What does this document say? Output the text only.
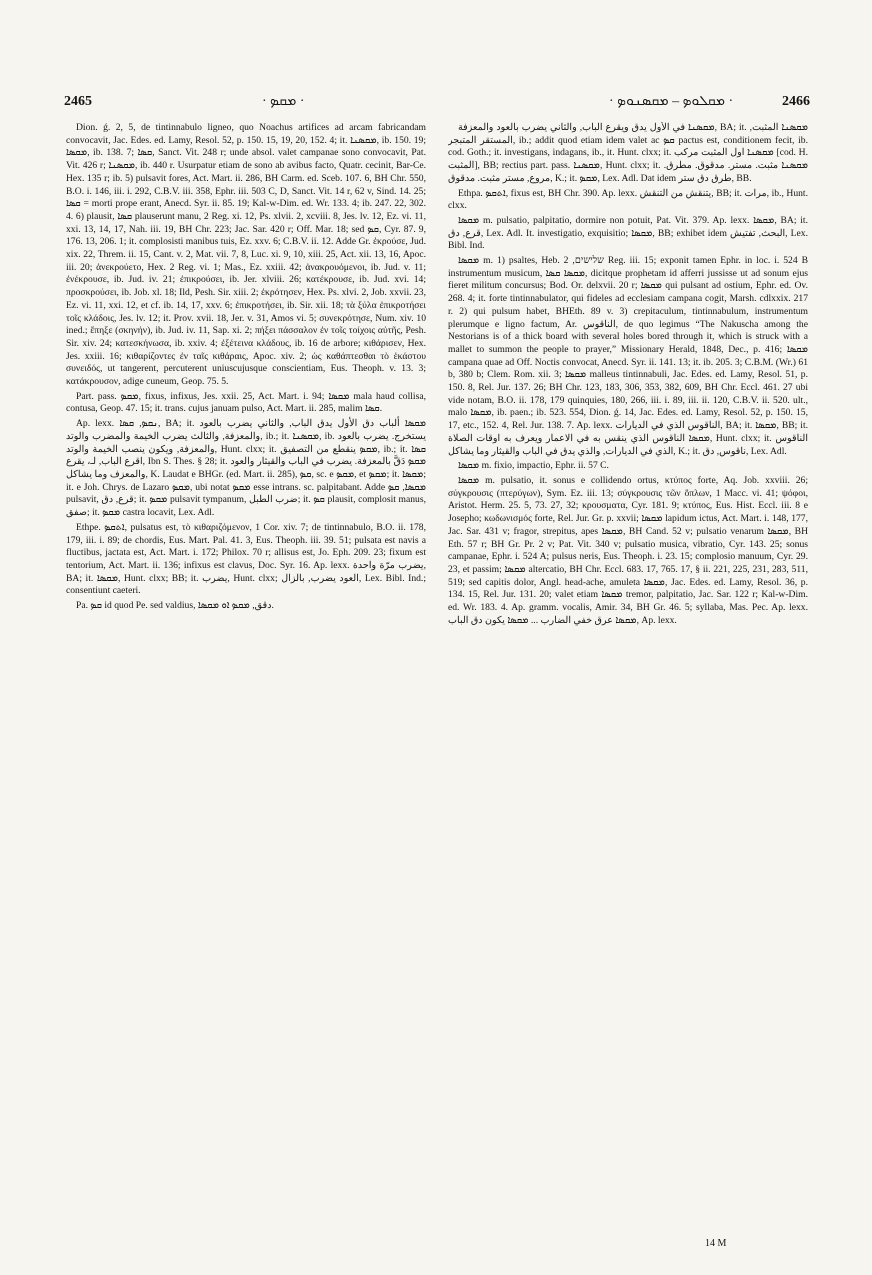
2465	· ܡܩܤ ·	· ܡܩܠܘܤ – ܡܩܤܢܘܤ ·	2466

Dion. ǵ. 2, 5, de tintinnabulo ligneo, quo Noachus artifices ad arcam fabricandam convocavit, Jac. Edes. ed. Lamy, Resol. 52, p. 150. 15, 19, 20, 152. 4; it. ܡܩܤܢܐ, ib. 150. 19; ܡܩܤܐ, ib. 138. 7; ܩܤܐ, Sanct. Vit. 248 r; unde absol. valet campanae sono convocavit, Pat. Vit. 426 r; ܡܩܤܢܐ, ib. 440 r. Usurpatur etiam de sono ab avibus facto, Quatr. cecinit, Bar-Ce. Hex. 135 r; ib. 5) pulsavit fores, Act. Mart. ii. 286, BH Carm. ed. Sceb. 107. 6, BH Chr. 550, B.O. i. 146, iii. i. 292, C.B.V. iii. 358, Ephr. iii. 503 C, D, Sanct. Vit. 14 r, 62 v, Sind. 14. 25; ܩܤܐ = morti prope erant, Anecd. Syr. ii. 85. 19; Kal-w-Dim. ed. Wr. 133. 4; ib. 247. 22, 302. 4. 6) plausit, ܩܤܐ plauserunt manu, 2 Reg. xi. 12, Ps. xlvii. 2, xcviii. 8, Jes. lv. 12, Ez. vi. 11, xxi. 13, 14, 17, Nah. iii. 19, BH Chr. 223; Jac. Sar. 420 r; Off. Mar. 18; sed ܩܤ, Cyr. 87. 9, 176. 13, 206. 1; it. complosisti manibus tuis, Ez. xxv. 6; C.B.V. ii. 12. Adde Gr. ἐκρούσε, Jud. xix. 22, Threm. ii. 15, Cant. v. 2, Mat. vii. 7, 8, Luc. xi. 9, 10, xiii. 25, Act. xii. 13, 16, Apoc. iii. 20; ἀνεκρούετο, Hex. 2 Reg. vi. 1; Mas., Ez. xxiii. 42; ἀνακρουόμενοι, ib. Jud. v. 11; ἐνέκρουσε, ib. Jud. iv. 21; ἐπικρούσει, ib. Jer. xlviii. 26; κατέκρουσε, ib. Jud. xvi. 14; προσκρούσει, ib. Job. xl. 18; Ild, Pesh. Sir. xiii. 2; ἐκρότησεν, Hex. Ps. xlvi. 2, Job. xxvii. 23, Ez. vi. 11, xxi. 12, et cf. ib. 14, 17, xxv. 6; ἐπικροτήσει, ib. Sir. xii. 18; τὰ ξύλα ἐπικροτήσει τοῖς κλάδοις, Jes. lv. 12; it. Prov. xvii. 18, Jer. v. 31, Amos vi. 5; συνεκρότησε, Num. xiv. 10 ined.; ἔπηξε (σκηνήν), ib. Jud. iv. 11, Sap. xi. 2; πήξει πάσσαλον ἐν τοῖς τοίχοις αὐτῆς, Pesh. Sir. xiv. 24; κατεσκήνωσα, ib. xxiv. 4; ἐξέτεινα κλάδους, ib. 16 de arbore; κιθάρισεν, Hex. Jes. xxiii. 16; κιθαρίζοντες ἐν ταῖς κιθάραις, Apoc. xiv. 2; ὡς καθάπτεσθαι τὸ ἑκάστου συνειδός, ut tangerent, percuterent uniuscujusque conscientiam, Eus. Theoph. v. 13. 3; κατάκρουσον, adige cuneum, Geop. 75. 5.

Part. pass. ܡܩܤ, fixus, infixus, Jes. xxii. 25, Act. Mart. i. 94; ܡܩܤܐ mala haud collisa, contusa, Geop. 47. 15; it. trans. cujus januam pulso, Act. Mart. ii. 285, malim ܩܤܐ.

Ap. lexx. ܢܩܤ, ܩܤܐ, BA; it. ܡܩܤܐ ألباب دق الأول يدق الباب, والثاني يضرب بالعود والمعزفة, والثالث يضرب الخيمة والمضرب والوتد, ib.; it. ܡܩܤܢܐ, ib. يستخرج. يضرب بالعود والمعزفة, ويكون ينصب الخيمة والوتد, Hunt. clxx; it. ܡܩܤ ينقطع من التصفيق, ib.; it. ܩܤܐ اقرع الباب, لـ، يقرع, Ibn S. Thes. § 28; it. ܡܩܤ دَقَّ بالمعزفة. يضرب في الباب والقيثار والعود والمعزف وما يشاكل, K. Laudat e BHGr. (ed. Mart. ii. 285), ܩܤ, sc. e ܡܩܤ, et ܡܩܤ; it. ܡܩܤܐ; it. e Joh. Chrys. de Lazaro ܡܩܤ, ubi notat ܡܩܤ esse intrans. sc. palpitabant. Adde ܡܩܤܐ, ܩܤ pulsavit, قرع, دق; it. ܡܩܤ pulsavit tympanum, ضرب الطبل; it. ܩܤ plausit, complosit manus, صفق; it. ܡܩܤ castra locavit, Lex. Adl.

Ethpe. ܐܬܩܤ, pulsatus est, τὸ κιθαριζόμενον, 1 Cor. xiv. 7; de tintinnabulo, B.O. ii. 178, 179, iii. i. 89; de chordis, Eus. Mart. Pal. 41. 3, Eus. Theoph. iii. 39. 51; pulsata est navis a fluctibus, jactata est, Act. Mart. i. 172; Philox. 70 r; allisus est, Jo. Eph. 209. 23; fixum est tentorium, Act. Mart. ii. 136; infixus est clavus, Doc. Syr. 16. Ap. lexx. يضرب مرّة واحدة, BA; it. ܡܩܤܐ, Hunt. clxx; BB; it. يضرب, Hunt. clxx; العود يضرب, بالزال, Lex. Bibl. Ind.; consentiunt caeteri.

Pa. ܩܤ id quod Pe. sed valdius, دقق, ܡܩܤ ܐܘ ܡܩܤܐ.

ܡܩܤܢܐ في الأول يدق ويقرع الباب, والثاني يضرب بالعود والمعزفة, BA; it. ܡܩܤܢܐ المثبت, المستقر المتبجر, ib.; addit quod etiam idem valet ac ܩܤ pactus est, conditionem fecit, ib. cod. Goth.; it. investigans, indagans, ib., it. Hunt. clxx; it. ܡܩܤܢܐ اول المثبت مركب [cod. H. المثبت], BB; rectius part. pass. ܡܩܤܢܐ, Hunt. clxx; it. ܡܩܤܢܐ مثبت. مستر. مدقوق. مطرق. مروع, مستر مثبت. مدقوق, K.; it. ܡܩܤ, Lex. Adl. Dat idem طرق دق ستر, BB.

Ethpa. ܐܬܩܤ, fixus est, BH Chr. 390. Ap. lexx. يتنقش من التنقش, BB; it. مرات, ib., Hunt. clxx.

ܡܩܤܐ m. pulsatio, palpitatio, dormire non potuit, Pat. Vit. 379. Ap. lexx. ܡܩܤܐ, BA; it. قرع, دق, Lex. Adl. It. investigatio, exquisitio; ܡܩܤܐ, BB; exhibet idem البحث, تفتيش, Lex. Bibl. Ind.

ܡܩܤܐ m. 1) psaltes, Heb. שלישים, 2 Reg. iii. 15; exponit tamen Ephr. in loc. i. 524 B instrumentum musicum, ܡܩܤܐ ܩܤܐ, dicitque prophetam id afferri jussisse ut ad sonum ejus fieret militum concursus; Bod. Or. delxvii. 20 r; ܡܩܤܐ qui pulsant ad ostium, Ephr. ed. Ov. 268. 4; it. forte tintinnabulator, qui fideles ad ecclesiam campana cogit, Marsh. cdlxxix. 217 r. 2) qui pulsum habet, BHEth. 89 v. 3) crepitaculum, tintinnabulum, instrumentum plerumque e ligno factum, Ar. الناقوس, de quo legimus “The Nakuscha among the Nestorians is of a thick board with several holes bored through it, which is struck with a mallet to summon the people to prayer,” Missionary Herald, 1848, Dec., p. 416; ܡܩܤܐ campana quae ad Off. Noctis convocat, Anecd. Syr. ii. 141. 13; it. ib. 205. 3; C.B.M. (Wr.) 61 b, 380 b; Clem. Rom. xii. 3; ܡܩܤܐ malleus tintinnabuli, Jac. Edes. ed. Lamy, Resol. 51, p. 150. 8, Rel. Jur. 137. 26; BH Chr. 123, 183, 306, 353, 382, 609, BH Chr. Eccl. 461. 27 ubi vide notam, B.O. ii. 178, 179 quinquies, 180, 266, iii. i. 89, iii. ii. 120, C.B.V. ii. 520. ult., malo ܡܩܤܐ, ib. paen.; ib. 523. 554, Dion. ǵ. 14, Jac. Edes. ed. Lamy, Resol. 52, p. 150. 15, 17, etc., 152. 4, Rel. Jur. 138. 7. Ap. lexx. الناقوس الذي في الديارات, BA; it. ܡܩܤܐ, BB; it. ܡܩܤܐ الناقوس الذي ينقس به في الاعمار ويعرف به اوقات الصلاة, Hunt. clxx; it. الناقوس الذي في الديارات, والذي يدق في الباب والقيثار وما يشاكل, K.; it. ناقوس, دق, Lex. Adl.

ܡܩܤܐ m. fixio, impactio, Ephr. ii. 57 C.

ܡܩܤܐ m. pulsatio, it. sonus e collidendo ortus, κτύπος forte, Aq. Job. xxviii. 26; σύγκρουσις (πτερύγων), Sym. Ez. iii. 13; σύγκρουσις τῶν ὅπλων, 1 Macc. vi. 41; ψόφοι, Aristot. Herm. 25. 5, 73. 27, 32; κρουσματα, Cyr. 181. 9; κτύπος, Eus. Hist. Eccl. iii. 8 e Josepho; κωδωνισμός forte, Rel. Jur. Gr. p. xxvii; ܡܩܤܐ lapidum ictus, Act. Mart. i. 148, 177, Jac. Sar. 431 v; fragor, strepitus, apes ܡܩܤܐ, BH Cand. 52 v; pulsatio venarum ܡܩܤܐ, BH Eth. 57 r; BH Gr. Pr. 2 v; Pat. Vit. 340 v; pulsatio musica, vibratio, Cyr. 143. 25; sonus campanae, Ephr. i. 524 A; pulsus neris, Eus. Theoph. i. 23. 15; complosio manuum, Cyr. 29. 23, et passim; ܡܩܤܐ altercatio, BH Chr. Eccl. 683. 17, 765. 17, § ii. 221, 225, 231, 283, 511, 519; sed capitis dolor, Angl. head-ache, amuleta ܡܩܤܐ, Jac. Edes. ed. Lamy, Resol. 36, p. 134. 15, Rel. Jur. 131. 20; valet etiam ܡܩܤܐ tremor, palpitatio, Jac. Sar. 122 r; Kal-w-Dim. ed. Wr. 183. 4. Ap. gramm. vocalis, Amir. 34, BH Gr. 46. 5; syllaba, Mas. Pec. Ap. lexx. ܡܩܤܐ عرق خفي الضارب ... ܡܩܤܐ يكون دق الباب, Ap. lexx.

14 M
